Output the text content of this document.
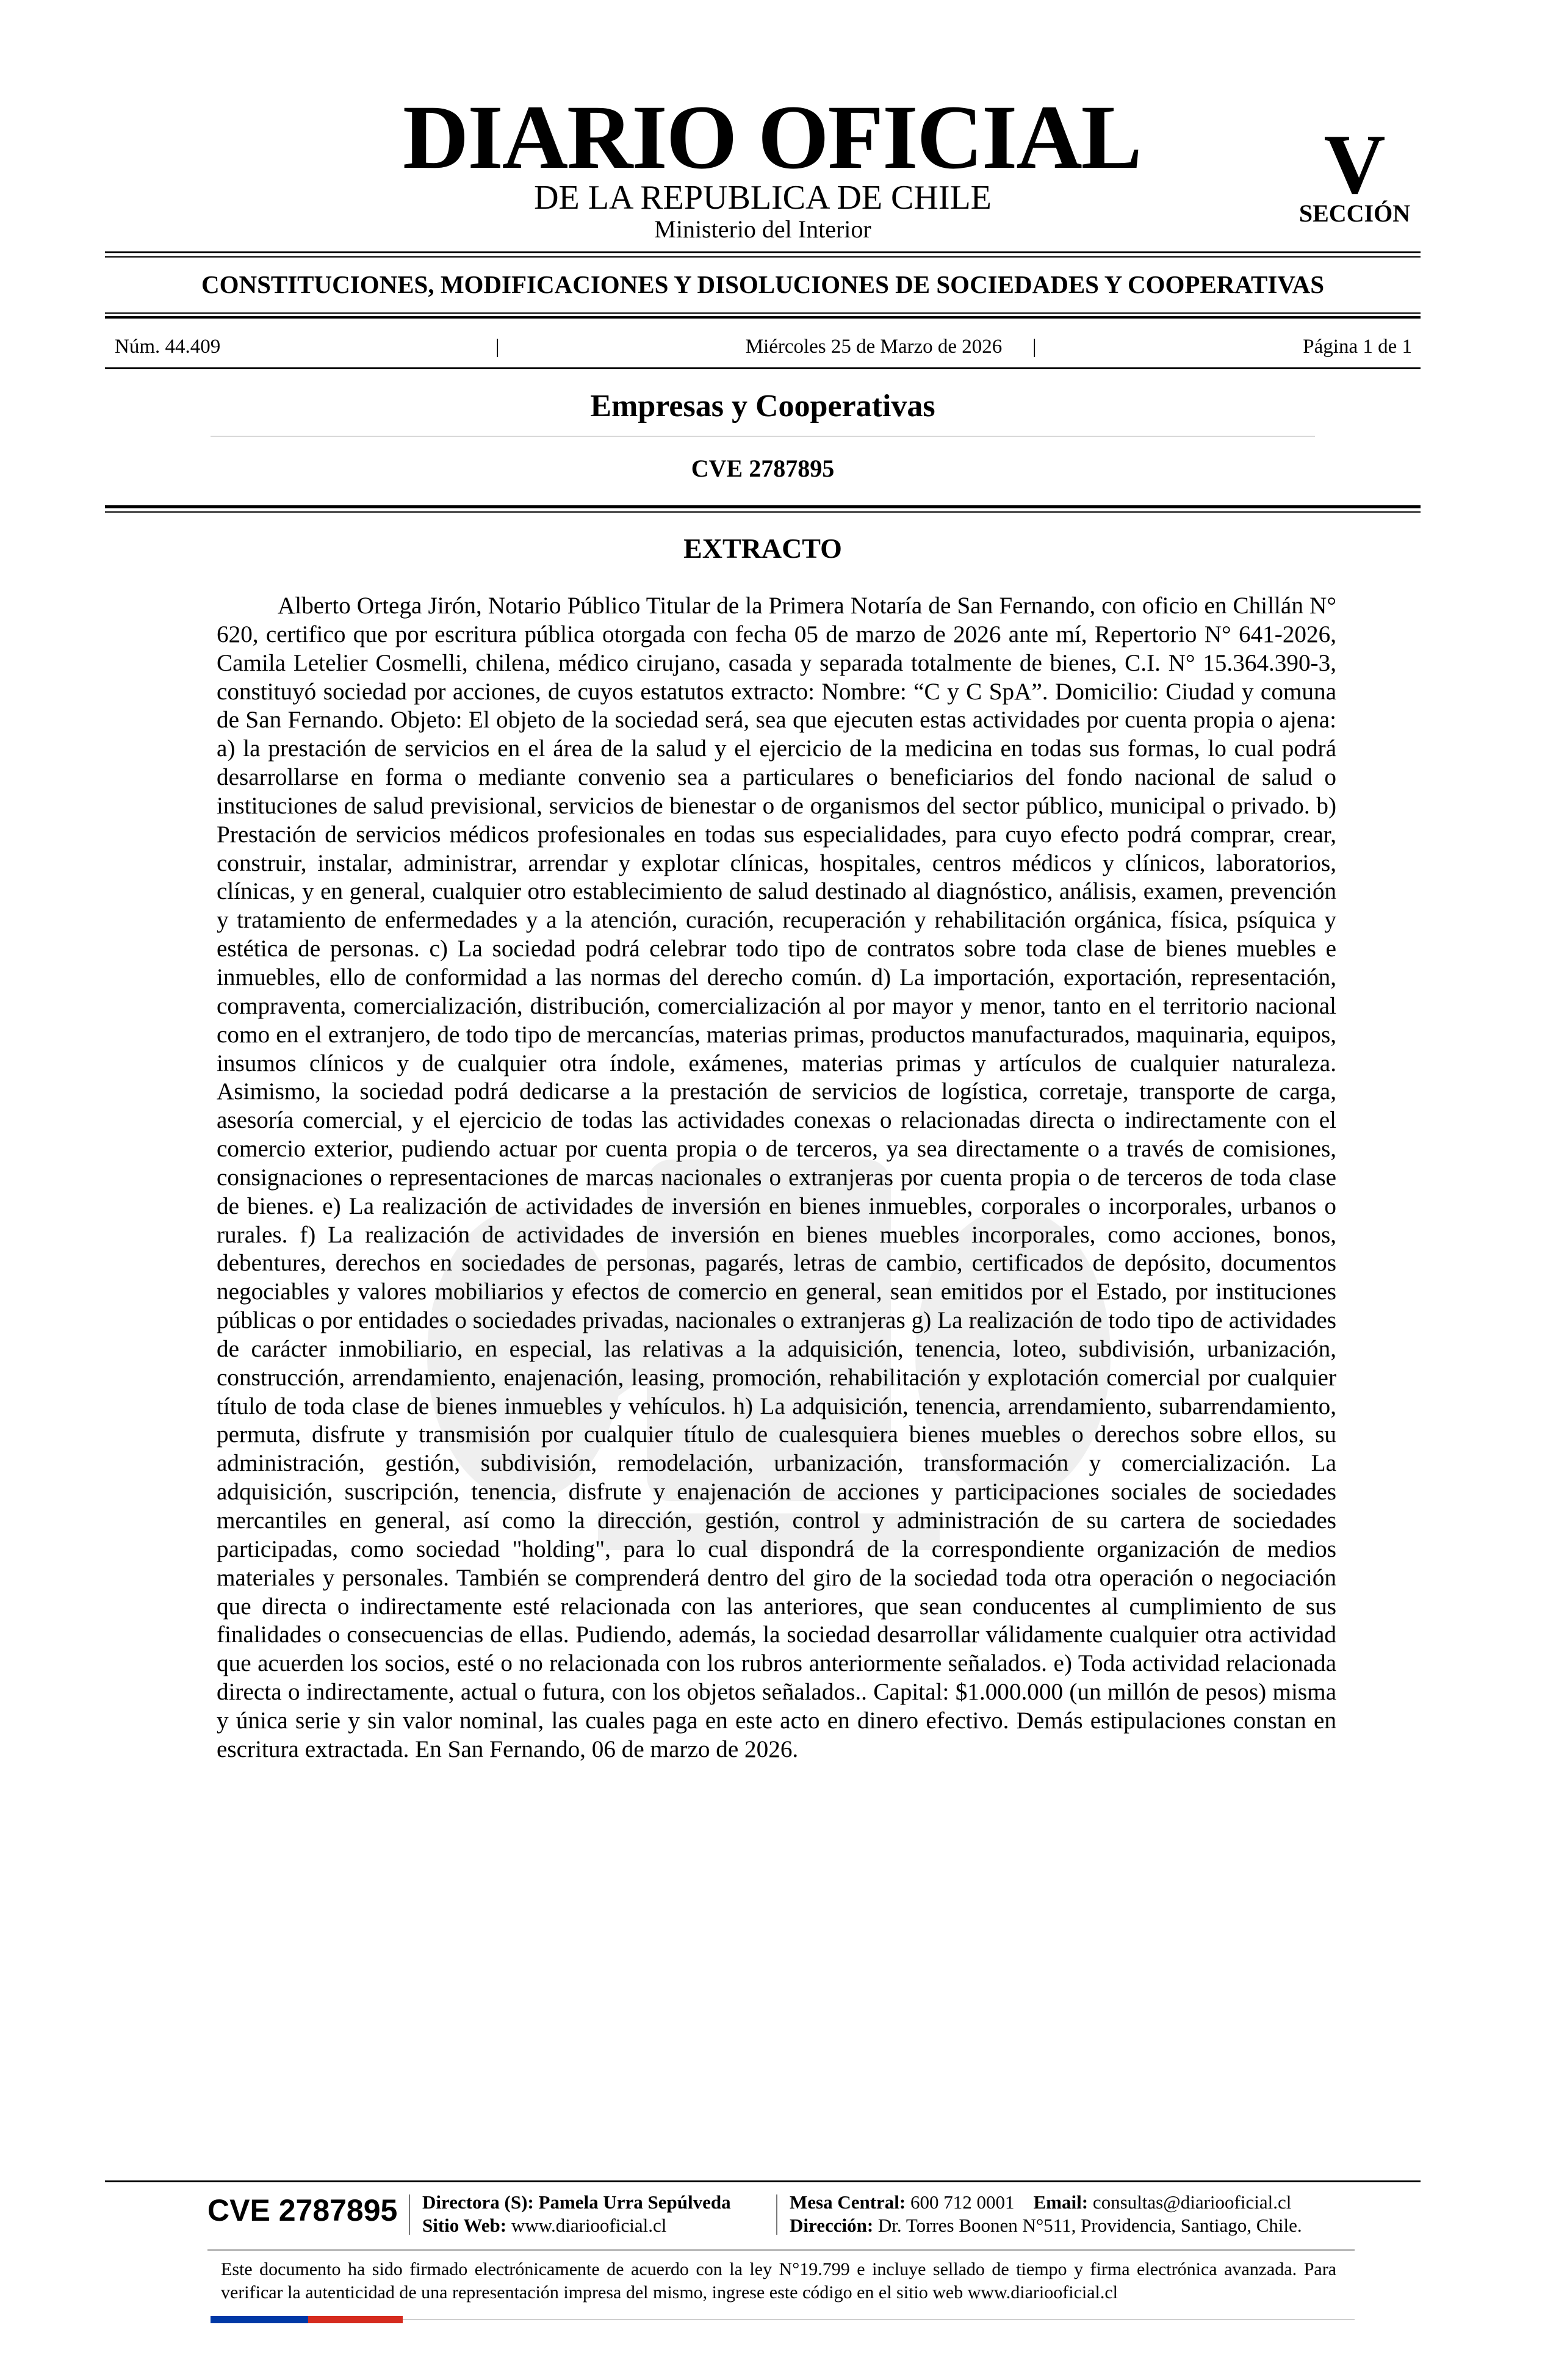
DIARIO OFICIAL
DE LA REPUBLICA DE CHILE
Ministerio del Interior
V
SECCIÓN
CONSTITUCIONES, MODIFICACIONES Y DISOLUCIONES DE SOCIEDADES Y COOPERATIVAS
Núm. 44.409	|	Miércoles 25 de Marzo de 2026	|	Página 1 de 1
Empresas y Cooperativas
CVE 2787895
EXTRACTO

Alberto Ortega Jirón, Notario Público Titular de la Primera Notaría de San Fernando, con oficio en Chillán N° 620, certifico que por escritura pública otorgada con fecha 05 de marzo de 2026 ante mí, Repertorio N° 641-2026, Camila Letelier Cosmelli, chilena, médico cirujano, casada y separada totalmente de bienes, C.I. N° 15.364.390-3, constituyó sociedad por acciones, de cuyos estatutos extracto: Nombre: “C y C SpA”. Domicilio: Ciudad y comuna de San Fernando. Objeto: El objeto de la sociedad será, sea que ejecuten estas actividades por cuenta propia o ajena: a) la prestación de servicios en el área de la salud y el ejercicio de la medicina en todas sus formas, lo cual podrá desarrollarse en forma o mediante convenio sea a particulares o beneficiarios del fondo nacional de salud o instituciones de salud previsional, servicios de bienestar o de organismos del sector público, municipal o privado. b) Prestación de servicios médicos profesionales en todas sus especialidades, para cuyo efecto podrá comprar, crear, construir, instalar, administrar, arrendar y explotar clínicas, hospitales, centros médicos y clínicos, laboratorios, clínicas, y en general, cualquier otro establecimiento de salud destinado al diagnóstico, análisis, examen, prevención y tratamiento de enfermedades y a la atención, curación, recuperación y rehabilitación orgánica, física, psíquica y estética de personas. c) La sociedad podrá celebrar todo tipo de contratos sobre toda clase de bienes muebles e inmuebles, ello de conformidad a las normas del derecho común. d) La importación, exportación, representación, compraventa, comercialización, distribución, comercialización al por mayor y menor, tanto en el territorio nacional como en el extranjero, de todo tipo de mercancías, materias primas, productos manufacturados, maquinaria, equipos, insumos clínicos y de cualquier otra índole, exámenes, materias primas y artículos de cualquier naturaleza. Asimismo, la sociedad podrá dedicarse a la prestación de servicios de logística, corretaje, transporte de carga, asesoría comercial, y el ejercicio de todas las actividades conexas o relacionadas directa o indirectamente con el comercio exterior, pudiendo actuar por cuenta propia o de terceros, ya sea directamente o a través de comisiones, consignaciones o representaciones de marcas nacionales o extranjeras por cuenta propia o de terceros de toda clase de bienes. e) La realización de actividades de inversión en bienes inmuebles, corporales o incorporales, urbanos o rurales. f) La realización de actividades de inversión en bienes muebles incorporales, como acciones, bonos, debentures, derechos en sociedades de personas, pagarés, letras de cambio, certificados de depósito, documentos negociables y valores mobiliarios y efectos de comercio en general, sean emitidos por el Estado, por instituciones públicas o por entidades o sociedades privadas, nacionales o extranjeras g) La realización de todo tipo de actividades de carácter inmobiliario, en especial, las relativas a la adquisición, tenencia, loteo, subdivisión, urbanización, construcción, arrendamiento, enajenación, leasing, promoción, rehabilitación y explotación comercial por cualquier título de toda clase de bienes inmuebles y vehículos. h) La adquisición, tenencia, arrendamiento, subarrendamiento, permuta, disfrute y transmisión por cualquier título de cualesquiera bienes muebles o derechos sobre ellos, su administración, gestión, subdivisión, remodelación, urbanización, transformación y comercialización. La adquisición, suscripción, tenencia, disfrute y enajenación de acciones y participaciones sociales de sociedades mercantiles en general, así como la dirección, gestión, control y administración de su cartera de sociedades participadas, como sociedad "holding", para lo cual dispondrá de la correspondiente organización de medios materiales y personales. También se comprenderá dentro del giro de la sociedad toda otra operación o negociación que directa o indirectamente esté relacionada con las anteriores, que sean conducentes al cumplimiento de sus finalidades o consecuencias de ellas. Pudiendo, además, la sociedad desarrollar válidamente cualquier otra actividad que acuerden los socios, esté o no relacionada con los rubros anteriormente señalados. e) Toda actividad relacionada directa o indirectamente, actual o futura, con los objetos señalados.. Capital: $1.000.000 (un millón de pesos) misma y única serie y sin valor nominal, las cuales paga en este acto en dinero efectivo. Demás estipulaciones constan en escritura extractada. En San Fernando, 06 de marzo de 2026.

CVE 2787895 Directora (S): Pamela Urra Sepúlveda
Sitio Web: www.diariooficial.cl
Mesa Central: 600 712 0001 Email: consultas@diariooficial.cl
Dirección: Dr. Torres Boonen N°511, Providencia, Santiago, Chile.
Este documento ha sido firmado electrónicamente de acuerdo con la ley N°19.799 e incluye sellado de tiempo y firma electrónica avanzada. Para verificar la autenticidad de una representación impresa del mismo, ingrese este código en el sitio web www.diariooficial.cl
